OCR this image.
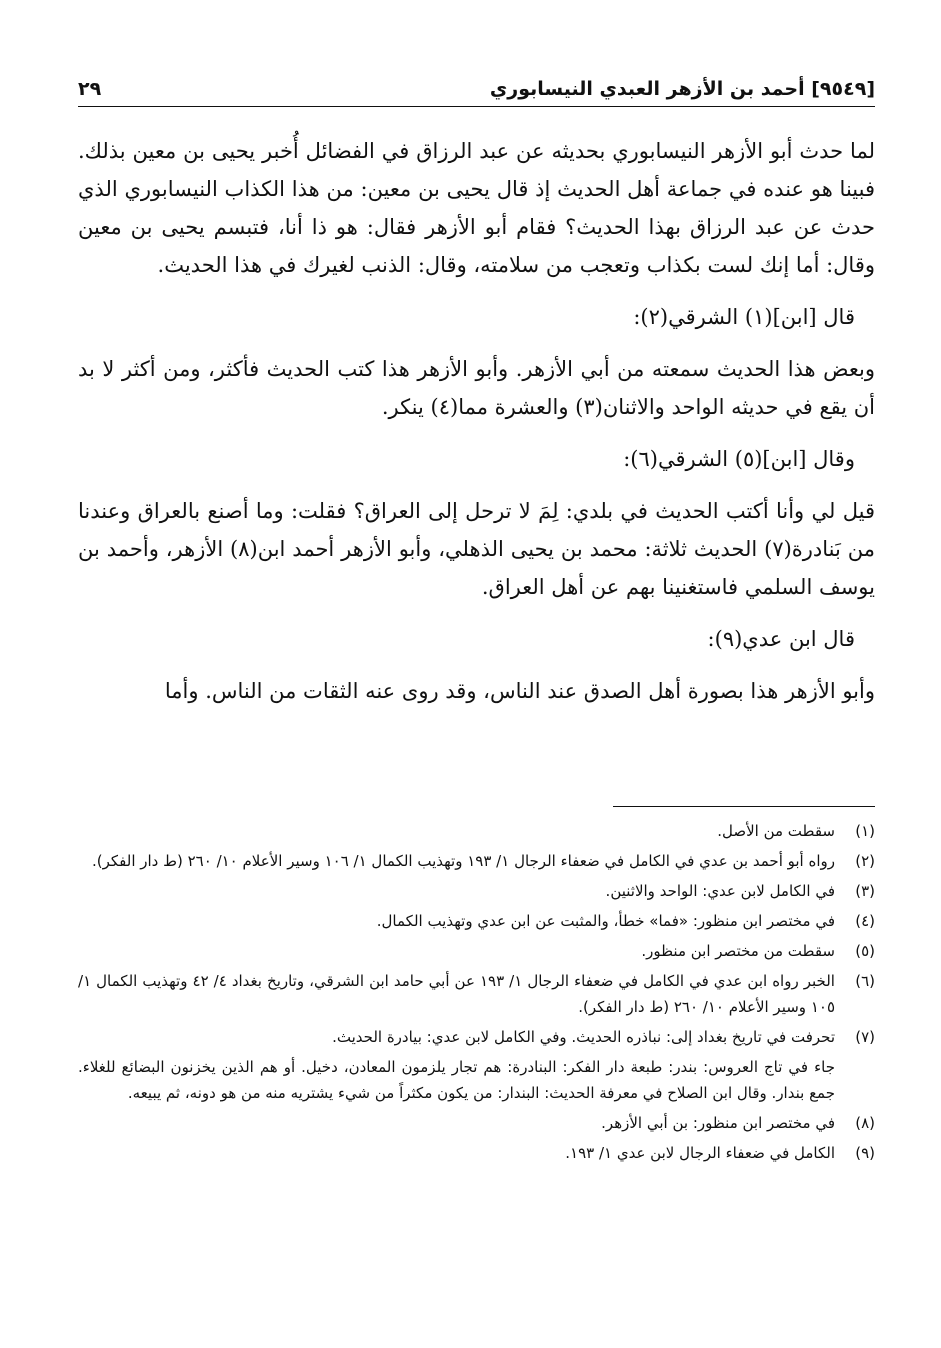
[٩٥٤٩] أحمد بن الأزهر العبدي النيسابوري
٢٩

لما حدث أبو الأزهر النيسابوري بحديثه عن عبد الرزاق في الفضائل أُخبر يحيى بن معين بذلك. فبينا هو عنده في جماعة أهل الحديث إذ قال يحيى بن معين: من هذا الكذاب النيسابوري الذي حدث عن عبد الرزاق بهذا الحديث؟ فقام أبو الأزهر فقال: هو ذا أنا، فتبسم يحيى بن معين وقال: أما إنك لست بكذاب وتعجب من سلامته، وقال: الذنب لغيرك في هذا الحديث.

قال [ابن](١) الشرقي(٢):

وبعض هذا الحديث سمعته من أبي الأزهر. وأبو الأزهر هذا كتب الحديث فأكثر، ومن أكثر لا بد أن يقع في حديثه الواحد والاثنان(٣) والعشرة مما(٤) ينكر.

وقال [ابن](٥) الشرقي(٦):

قيل لي وأنا أكتب الحديث في بلدي: لِمَ لا ترحل إلى العراق؟ فقلت: وما أصنع بالعراق وعندنا من بَنادرة(٧) الحديث ثلاثة: محمد بن يحيى الذهلي، وأبو الأزهر أحمد ابن(٨) الأزهر، وأحمد بن يوسف السلمي فاستغنينا بهم عن أهل العراق.

قال ابن عدي(٩):

وأبو الأزهر هذا بصورة أهل الصدق عند الناس، وقد روى عنه الثقات من الناس. وأما

(١)
سقطت من الأصل.
(٢)
رواه أبو أحمد بن عدي في الكامل في ضعفاء الرجال ١/ ١٩٣ وتهذيب الكمال ١/ ١٠٦ وسير الأعلام ١٠/ ٢٦٠ (ط دار الفكر).
(٣)
في الكامل لابن عدي: الواحد والاثنين.
(٤)
في مختصر ابن منظور: «فما» خطأ، والمثبت عن ابن عدي وتهذيب الكمال.
(٥)
سقطت من مختصر ابن منظور.
(٦)
الخبر رواه ابن عدي في الكامل في ضعفاء الرجال ١/ ١٩٣ عن أبي حامد ابن الشرقي، وتاريخ بغداد ٤/ ٤٢ وتهذيب الكمال ١/ ١٠٥ وسير الأعلام ١٠/ ٢٦٠ (ط دار الفكر).
(٧)
تحرفت في تاريخ بغداد إلى: نباذره الحديث. وفي الكامل لابن عدي: بيادرة الحديث.

جاء في تاج العروس: بندر: طبعة دار الفكر: البنادرة: هم تجار يلزمون المعادن، دخيل. أو هم الذين يخزنون البضائع للغلاء. جمع بندار. وقال ابن الصلاح في معرفة الحديث: البندار: من يكون مكثراً من شيء يشتريه منه من هو دونه، ثم يبيعه.

(٨)
في مختصر ابن منظور: بن أبي الأزهر.
(٩)
الكامل في ضعفاء الرجال لابن عدي ١/ ١٩٣.
